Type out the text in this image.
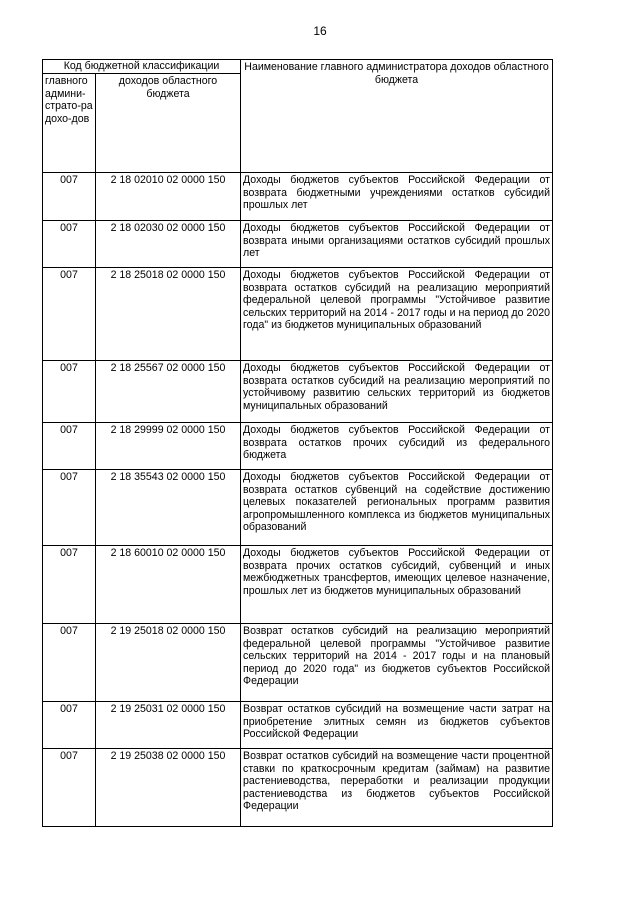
16
Код бюджетной классификации		Наименование главного администратора доходов областного бюджета
главного админи-страто-ра дохо-дов	доходов областного бюджета	
007	2 18 02010 02 0000 150	Доходы бюджетов субъектов Российской Федерации от возврата бюджетными учреждениями остатков субсидий прошлых лет
007	2 18 02030 02 0000 150	Доходы бюджетов субъектов Российской Федерации от возврата иными организациями остатков субсидий прошлых лет
007	2 18 25018 02 0000 150	Доходы бюджетов субъектов Российской Федерации от возврата остатков субсидий на реализацию мероприятий федеральной целевой программы "Устойчивое развитие сельских территорий на 2014 - 2017 годы и на период до 2020 года" из бюджетов муниципальных образований
007	2 18 25567 02 0000 150	Доходы бюджетов субъектов Российской Федерации от возврата остатков субсидий на реализацию мероприятий по устойчивому развитию сельских территорий из бюджетов муниципальных образований
007	2 18 29999 02 0000 150	Доходы бюджетов субъектов Российской Федерации от возврата остатков прочих субсидий из федерального бюджета
007	2 18 35543 02 0000 150	Доходы бюджетов субъектов Российской Федерации от возврата остатков субвенций на содействие достижению целевых показателей региональных программ развития агропромышленного комплекса из бюджетов муниципальных образований
007	2 18 60010 02 0000 150	Доходы бюджетов субъектов Российской Федерации от возврата прочих остатков субсидий, субвенций и иных межбюджетных трансфертов, имеющих целевое назначение, прошлых лет из бюджетов муниципальных образований
007	2 19 25018 02 0000 150	Возврат остатков субсидий на реализацию мероприятий федеральной целевой программы "Устойчивое развитие сельских территорий на 2014 - 2017 годы и на плановый период до 2020 года" из бюджетов субъектов Российской Федерации
007	2 19 25031 02 0000 150	Возврат остатков субсидий на возмещение части затрат на приобретение элитных семян из бюджетов субъектов Российской Федерации
007	2 19 25038 02 0000 150	Возврат остатков субсидий на возмещение части процентной ставки по краткосрочным кредитам (займам) на развитие растениеводства, переработки и реализации продукции растениеводства из бюджетов субъектов Российской Федерации
